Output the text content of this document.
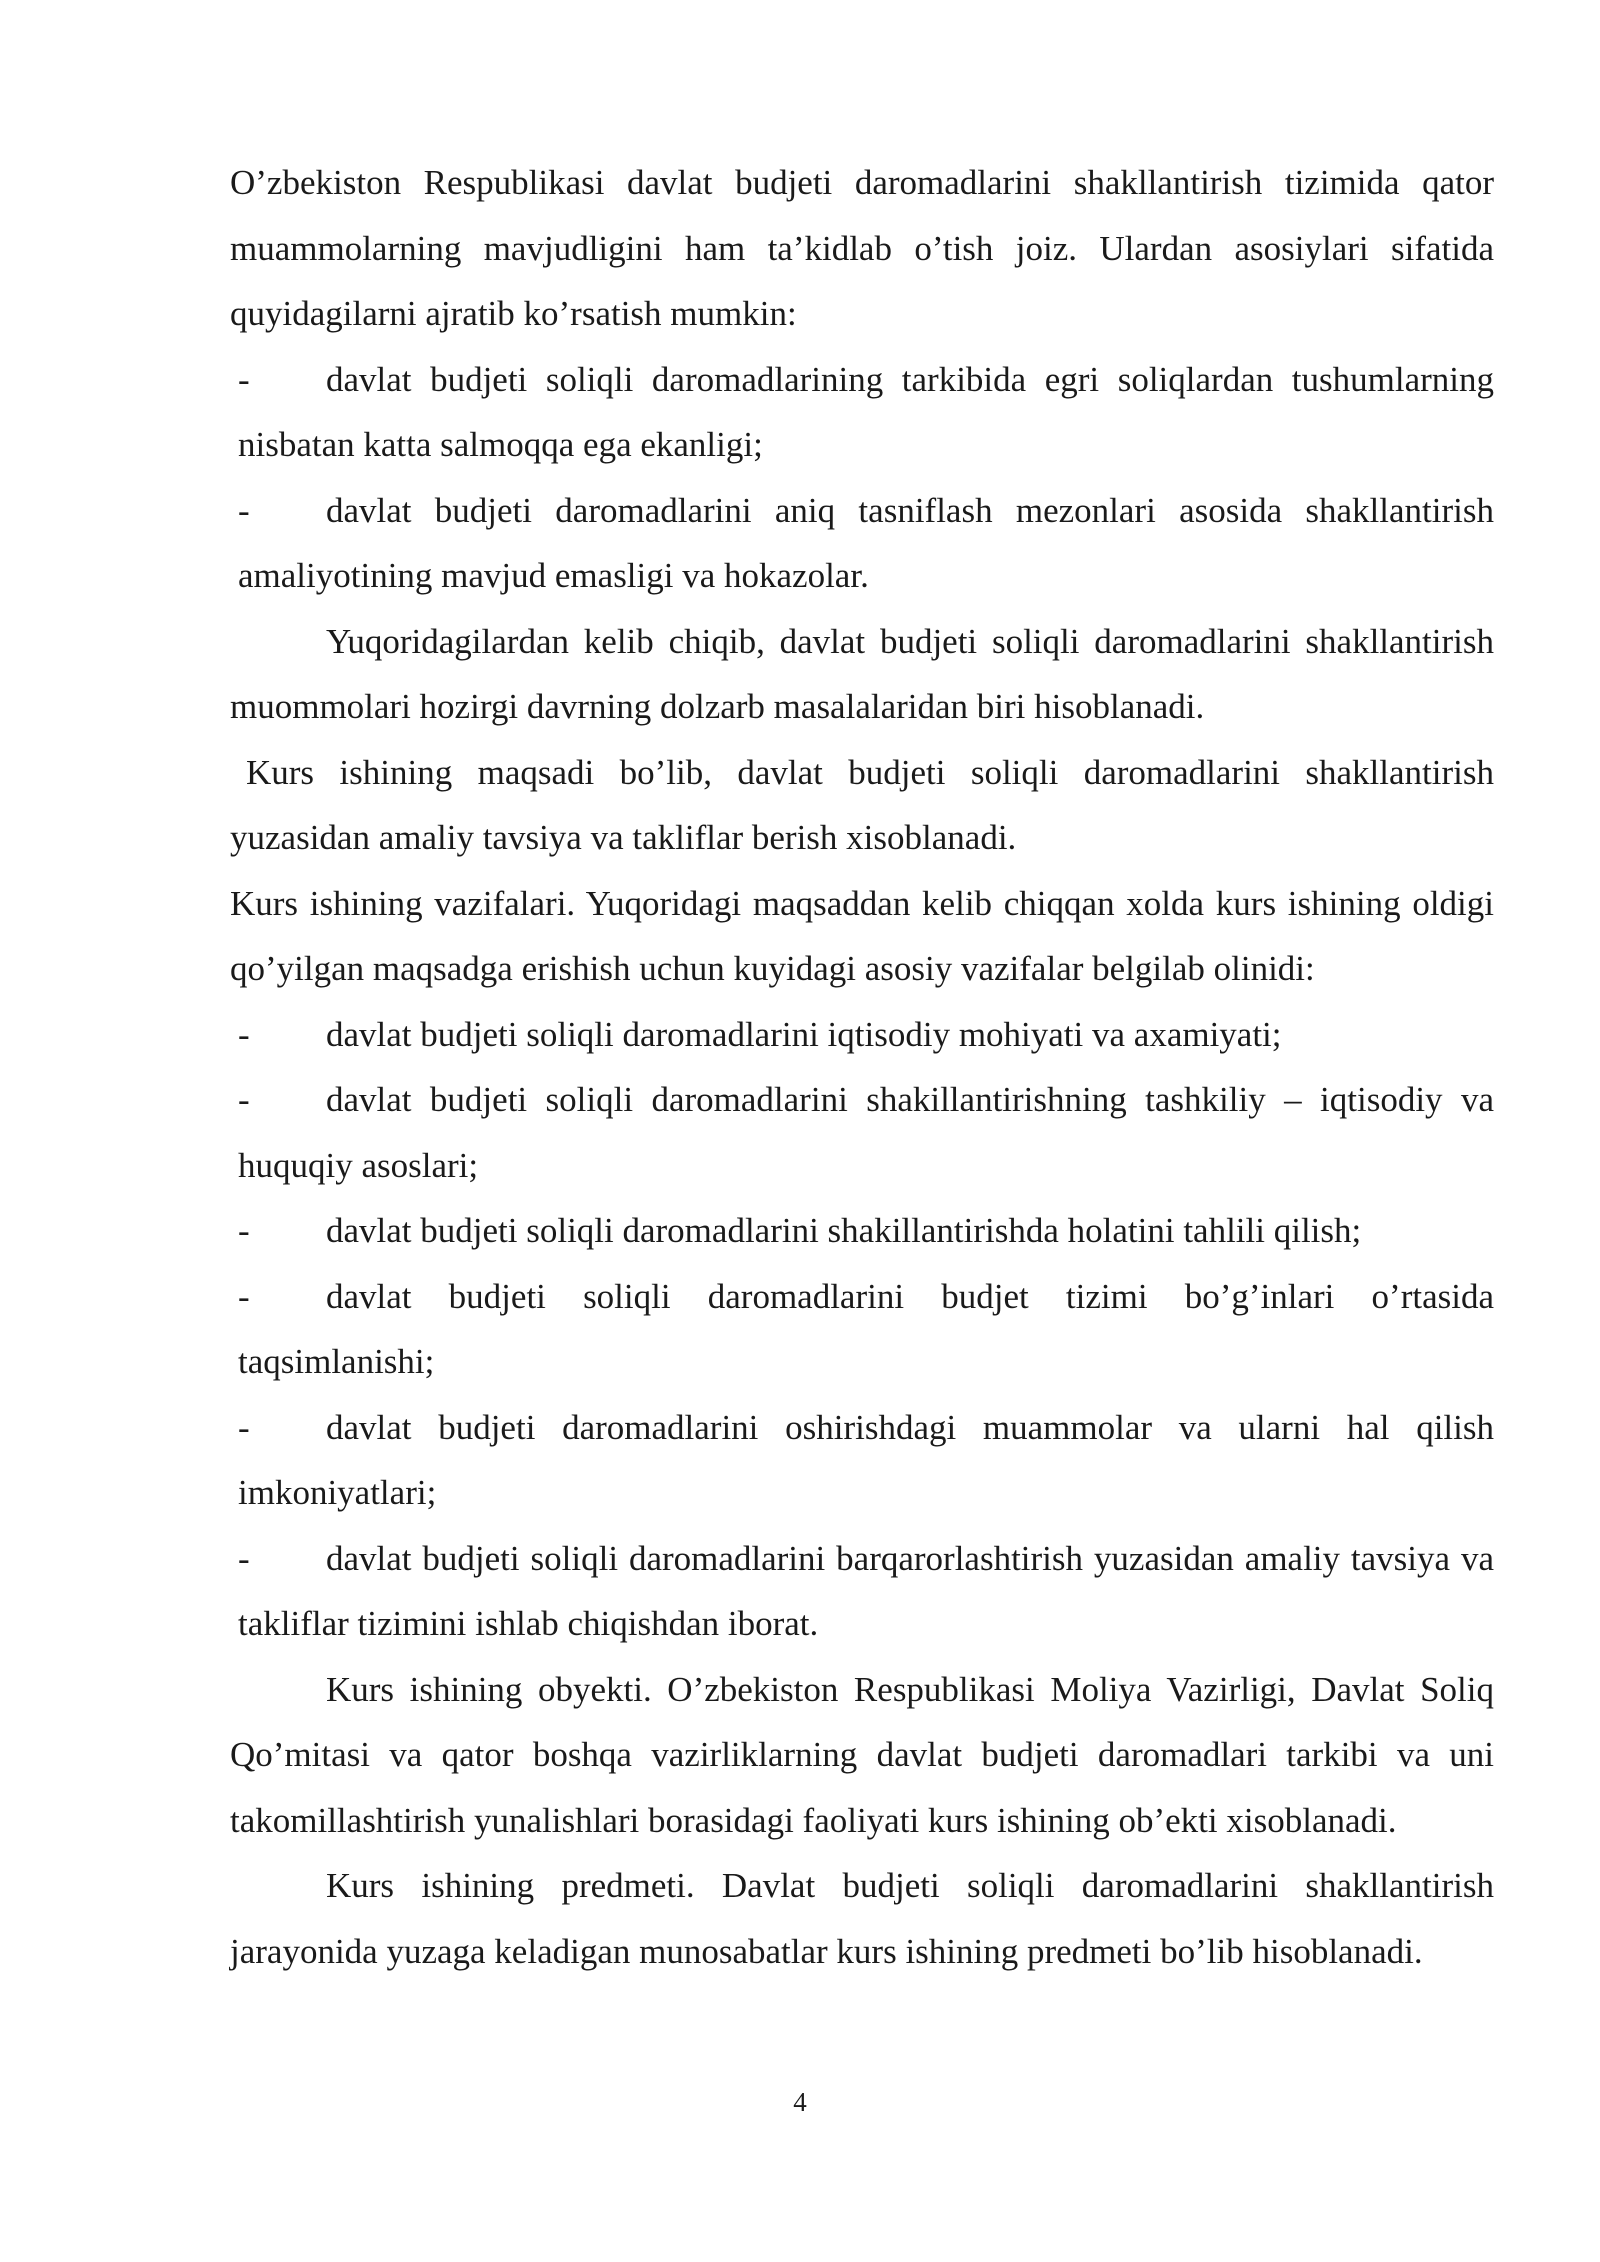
O’zbekiston Respublikasi davlat budjeti daromadlarini shakllantirish tizimida qator muammolarning mavjudligini ham ta’kidlab o’tish joiz. Ulardan asosiylari sifatida quyidagilarni ajratib ko’rsatish mumkin:

- davlat budjeti soliqli daromadlarining tarkibida egri soliqlardan tushumlarning nisbatan katta salmoqqa ega ekanligi;

- davlat budjeti daromadlarini aniq tasniflash mezonlari asosida shakllantirish amaliyotining mavjud emasligi va hokazolar.

Yuqoridagilardan kelib chiqib, davlat budjeti soliqli daromadlarini shakllantirish muommolari hozirgi davrning dolzarb masalalaridan biri hisoblanadi.

Kurs ishining maqsadi bo’lib, davlat budjeti soliqli daromadlarini shakllantirish yuzasidan amaliy tavsiya va takliflar berish xisoblanadi.

Kurs ishining vazifalari. Yuqoridagi maqsaddan kelib chiqqan xolda kurs ishining oldigi qo’yilgan maqsadga erishish uchun kuyidagi asosiy vazifalar belgilab olinidi:

- davlat budjeti soliqli daromadlarini iqtisodiy mohiyati va axamiyati;

- davlat budjeti soliqli daromadlarini shakillantirishning tashkiliy – iqtisodiy va huquqiy asoslari;

- davlat budjeti soliqli daromadlarini shakillantirishda holatini tahlili qilish;

- davlat budjeti soliqli daromadlarini budjet tizimi bo’g’inlari o’rtasida taqsimlanishi;

- davlat budjeti daromadlarini oshirishdagi muammolar va ularni hal qilish imkoniyatlari;

- davlat budjeti soliqli daromadlarini barqarorlashtirish yuzasidan amaliy tavsiya va takliflar tizimini ishlab chiqishdan iborat.

Kurs ishining obyekti. O’zbekiston Respublikasi Moliya Vazirligi, Davlat Soliq Qo’mitasi va qator boshqa vazirliklarning davlat budjeti daromadlari tarkibi va uni takomillashtirish yunalishlari borasidagi faoliyati kurs ishining ob’ekti xisoblanadi.

Kurs ishining predmeti. Davlat budjeti soliqli daromadlarini shakllantirish jarayonida yuzaga keladigan munosabatlar kurs ishining predmeti bo’lib hisoblanadi.

4
